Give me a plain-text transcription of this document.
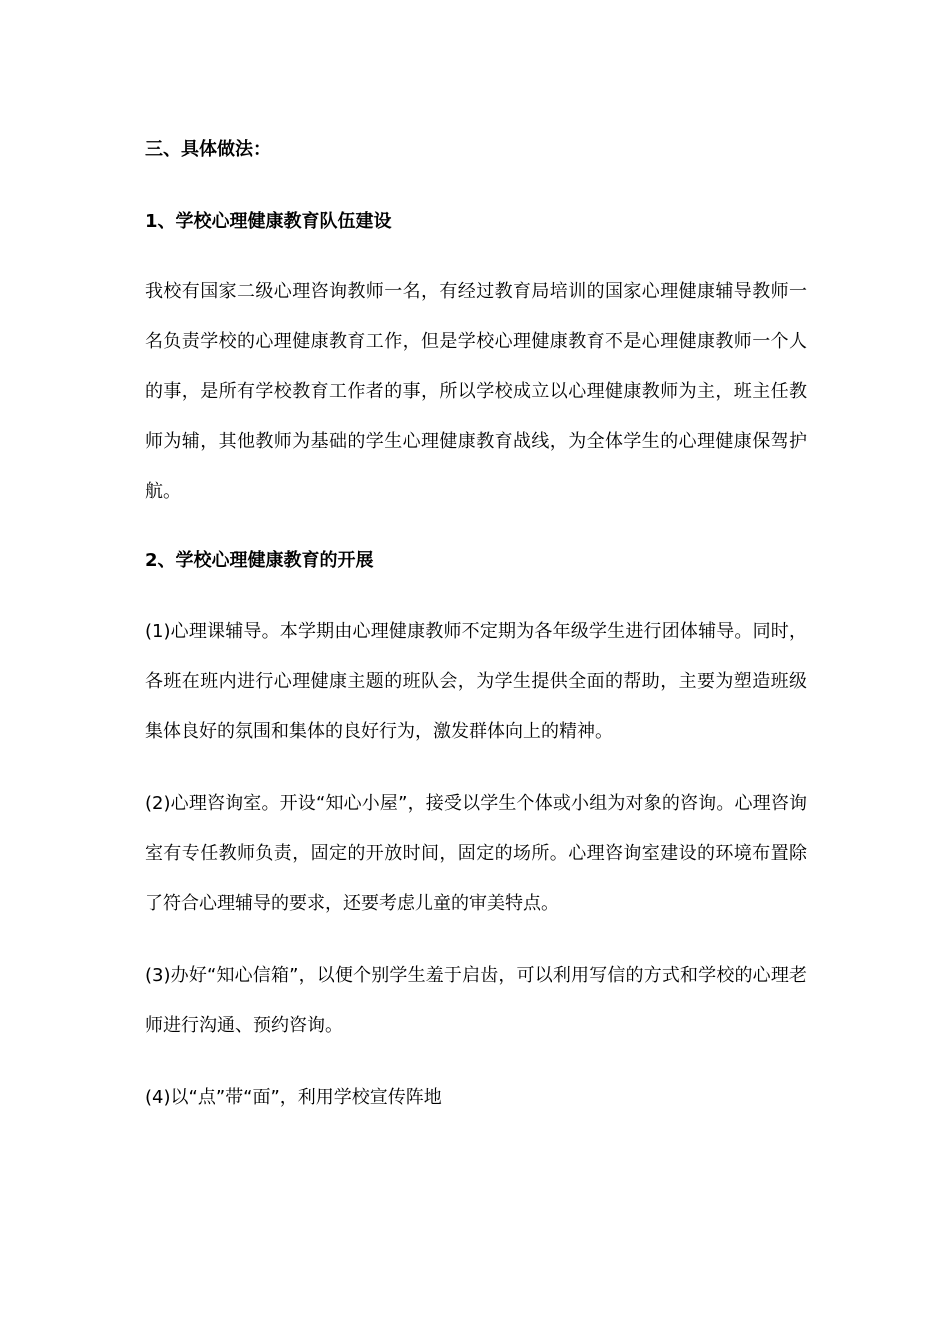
三、具体做法：

1、学校心理健康教育队伍建设

我校有国家二级心理咨询教师一名，有经过教育局培训的国家心理健康辅导教师一名负责学校的心理健康教育工作，但是学校心理健康教育不是心理健康教师一个人的事，是所有学校教育工作者的事，所以学校成立以心理健康教师为主，班主任教师为辅，其他教师为基础的学生心理健康教育战线，为全体学生的心理健康保驾护航。

2、学校心理健康教育的开展

(1)心理课辅导。本学期由心理健康教师不定期为各年级学生进行团体辅导。同时，各班在班内进行心理健康主题的班队会，为学生提供全面的帮助，主要为塑造班级集体良好的氛围和集体的良好行为，激发群体向上的精神。

(2)心理咨询室。开设“知心小屋”，接受以学生个体或小组为对象的咨询。心理咨询室有专任教师负责，固定的开放时间，固定的场所。心理咨询室建设的环境布置除了符合心理辅导的要求，还要考虑儿童的审美特点。

(3)办好“知心信箱”，以便个别学生羞于启齿，可以利用写信的方式和学校的心理老师进行沟通、预约咨询。

(4)以“点”带“面”，利用学校宣传阵地
